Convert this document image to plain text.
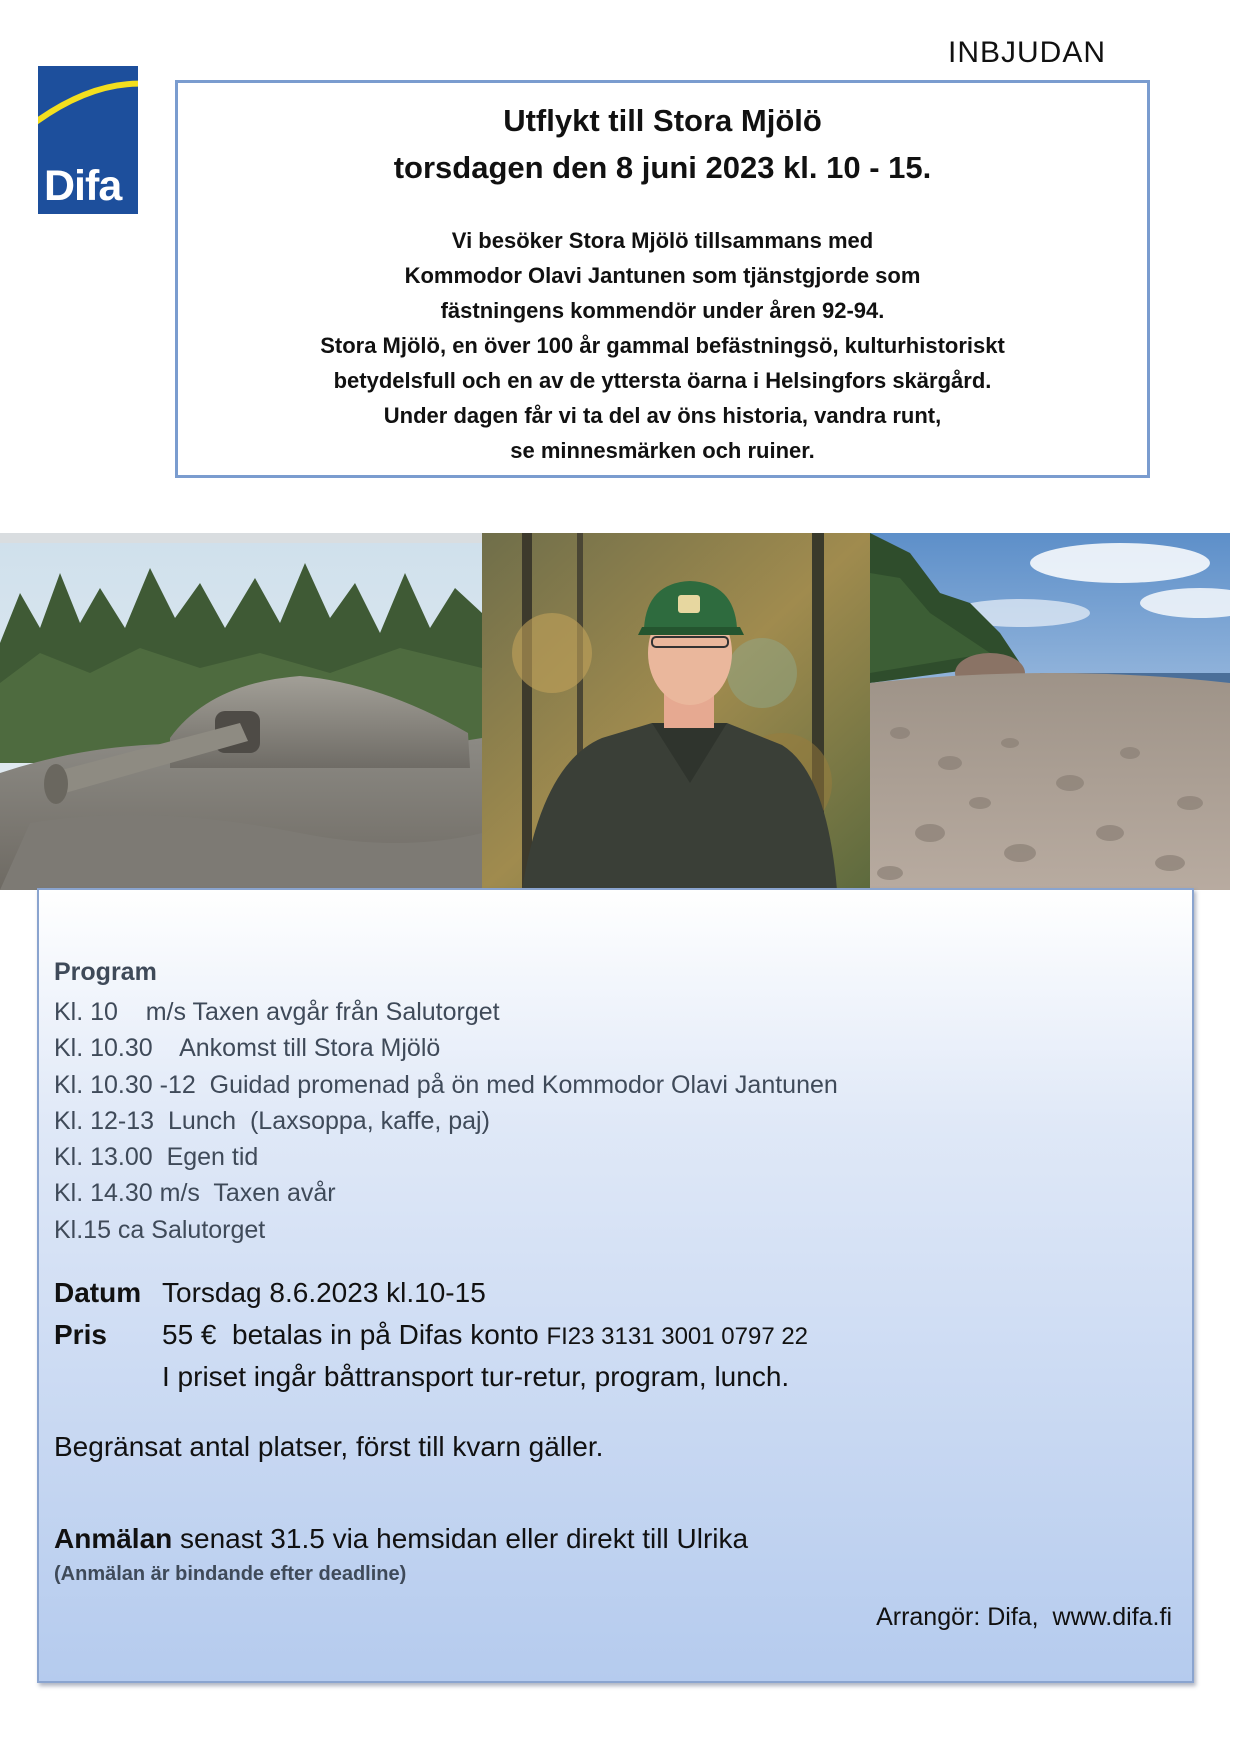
INBJUDAN
Difa
Utflykt till Stora Mjölö
torsdagen den 8 juni 2023 kl. 10 - 15.
Vi besöker Stora Mjölö tillsammans med
Kommodor Olavi Jantunen som tjänstgjorde som
fästningens kommendör under åren 92-94.
Stora Mjölö, en över 100 år gammal befästningsö, kulturhistoriskt
betydelsfull och en av de yttersta öarna i Helsingfors skärgård.
Under dagen får vi ta del av öns historia, vandra runt,
se minnesmärken och ruiner.
Program
Kl. 10    m/s Taxen avgår från Salutorget
Kl. 10.30    Ankomst till Stora Mjölö
Kl. 10.30 -12  Guidad promenad på ön med Kommodor Olavi Jantunen
Kl. 12-13  Lunch  (Laxsoppa, kaffe, paj)
Kl. 13.00  Egen tid
Kl. 14.30 m/s  Taxen avår
Kl.15 ca Salutorget
Datum Torsdag 8.6.2023 kl.10-15
Pris 55 €  betalas in på Difas konto FI23 3131 3001 0797 22
I priset ingår båttransport tur-retur, program, lunch.
Begränsat antal platser, först till kvarn gäller.
Anmälan senast 31.5 via hemsidan eller direkt till Ulrika
(Anmälan är bindande efter deadline)
Arrangör: Difa,  www.difa.fi
